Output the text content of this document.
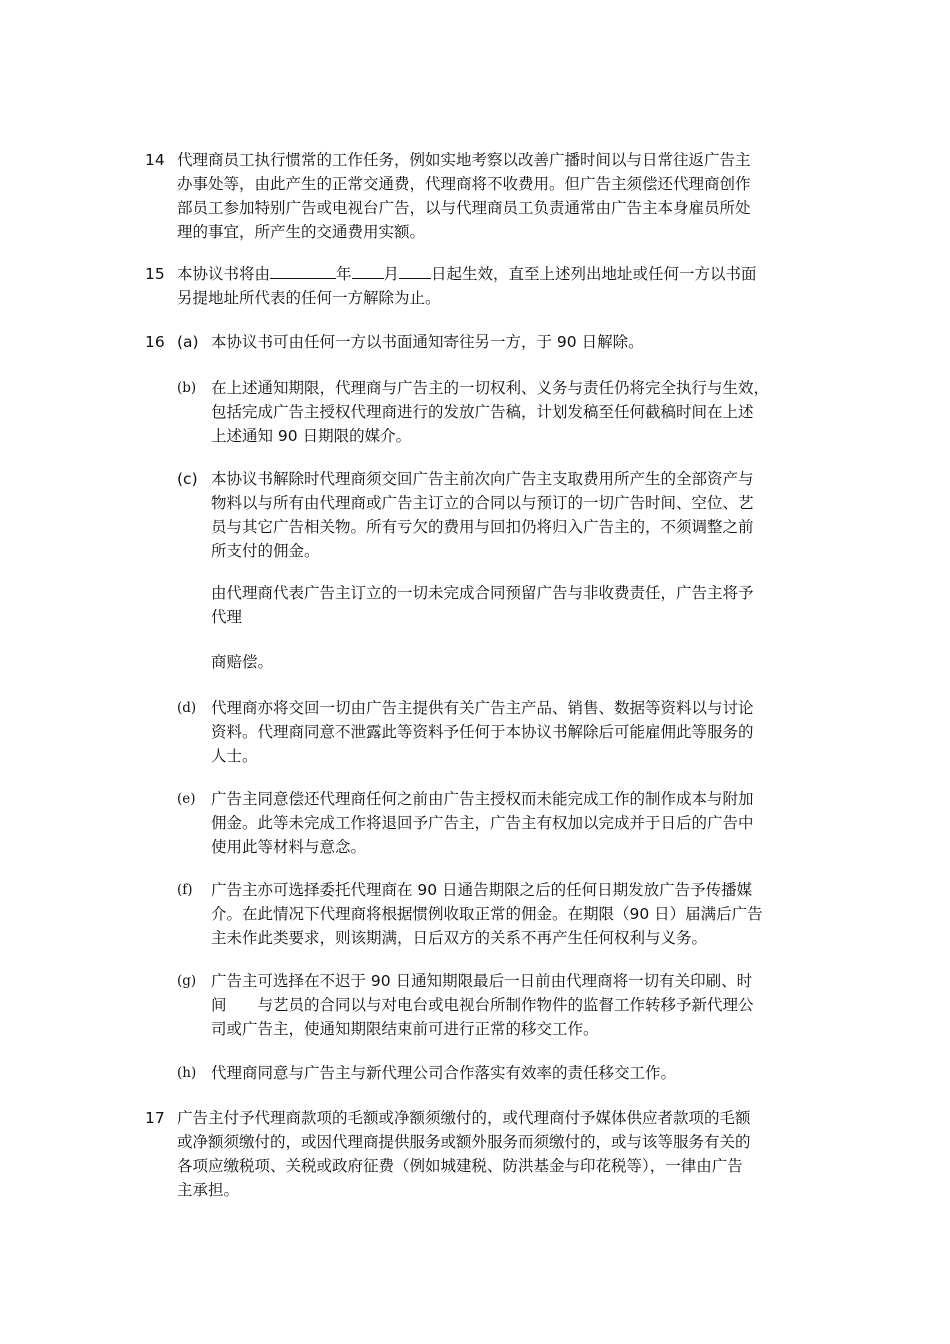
14 代理商员工执行惯常的工作任务，例如实地考察以改善广播时间以与日常往返广告主
办事处等，由此产生的正常交通费，代理商将不收费用。但广告主须偿还代理商创作
部员工参加特别广告或电视台广告，以与代理商员工负责通常由广告主本身雇员所处
理的事宜，所产生的交通费用实额。
15 本协议书将由	年 月 日起生效，直至上述列出地址或任何一方以书面
另提地址所代表的任何一方解除为止。
16 (a) 本协议书可由任何一方以书面通知寄往另一方，于 90 日解除。
(b) 在上述通知期限，代理商与广告主的一切权利、义务与责任仍将完全执行与生效，
包括完成广告主授权代理商进行的发放广告稿，计划发稿至任何截稿时间在上述
上述通知 90 日期限的媒介。
(c) 本协议书解除时代理商须交回广告主前次向广告主支取费用所产生的全部资产与
物料以与所有由代理商或广告主订立的合同以与预订的一切广告时间、空位、艺
员与其它广告相关物。所有亏欠的费用与回扣仍将归入广告主的，不须调整之前
所支付的佣金。
由代理商代表广告主订立的一切未完成合同预留广告与非收费责任，广告主将予
代理
商赔偿。
(d) 代理商亦将交回一切由广告主提供有关广告主产品、销售、数据等资料以与讨论
资料。代理商同意不泄露此等资料予任何于本协议书解除后可能雇佣此等服务的
人士。
(e) 广告主同意偿还代理商任何之前由广告主授权而未能完成工作的制作成本与附加
佣金。此等未完成工作将退回予广告主，广告主有权加以完成并于日后的广告中
使用此等材料与意念。
(f)	广告主亦可选择委托代理商在 90 日通告期限之后的任何日期发放广告予传播媒
介。在此情况下代理商将根据惯例收取正常的佣金。在期限（90 日）届满后广告
主未作此类要求，则该期满，日后双方的关系不再产生任何权利与义务。
(g) 广告主可选择在不迟于 90 日通知期限最后一日前由代理商将一切有关印刷、时
间　　与艺员的合同以与对电台或电视台所制作物件的监督工作转移予新代理公
司或广告主，使通知期限结束前可进行正常的移交工作。
(h) 代理商同意与广告主与新代理公司合作落实有效率的责任移交工作。
17 广告主付予代理商款项的毛额或净额须缴付的，或代理商付予媒体供应者款项的毛额
或净额须缴付的，或因代理商提供服务或额外服务而须缴付的，或与该等服务有关的
各项应缴税项、关税或政府征费（例如城建税、防洪基金与印花税等），一律由广告
主承担。
